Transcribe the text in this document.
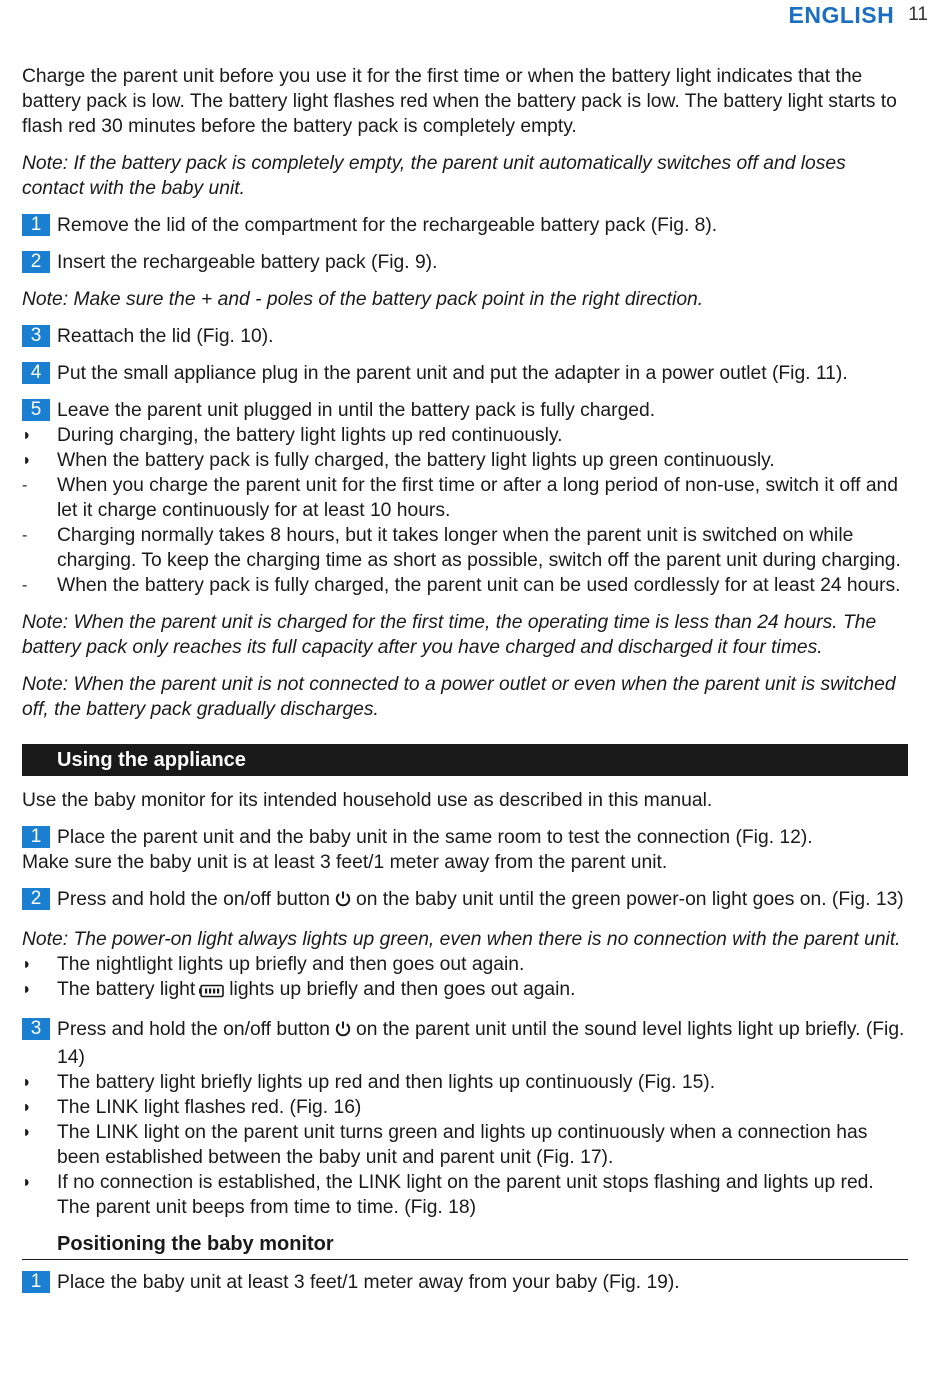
ENGLISH 11

Charge the parent unit before you use it for the first time or when the battery light indicates that the battery pack is low. The battery light flashes red when the battery pack is low. The battery light starts to flash red 30 minutes before the battery pack is completely empty.

Note: If the battery pack is completely empty, the parent unit automatically switches off and loses contact with the baby unit.

1 Remove the lid of the compartment for the rechargeable battery pack (Fig. 8).
2 Insert the rechargeable battery pack (Fig. 9).

Note: Make sure the + and - poles of the battery pack point in the right direction.

3 Reattach the lid (Fig. 10).
4 Put the small appliance plug in the parent unit and put the adapter in a power outlet (Fig. 11).
5 Leave the parent unit plugged in until the battery pack is fully charged.
◗	During charging, the battery light lights up red continuously.
◗	When the battery pack is fully charged, the battery light lights up green continuously.
-	When you charge the parent unit for the first time or after a long period of non-use, switch it off and let it charge continuously for at least 10 hours.
-	Charging normally takes 8 hours, but it takes longer when the parent unit is switched on while charging. To keep the charging time as short as possible, switch off the parent unit during charging.
-	When the battery pack is fully charged, the parent unit can be used cordlessly for at least 24 hours.

Note: When the parent unit is charged for the first time, the operating time is less than 24 hours. The battery pack only reaches its full capacity after you have charged and discharged it four times.

Note: When the parent unit is not connected to a power outlet or even when the parent unit is switched off, the battery pack gradually discharges.

Using the appliance

Use the baby monitor for its intended household use as described in this manual.

1 Place the parent unit and the baby unit in the same room to test the connection (Fig. 12).

Make sure the baby unit is at least 3 feet/1 meter away from the parent unit.

2 Press and hold the on/off button on the baby unit until the green power-on light goes on. (Fig. 13)

Note: The power-on light always lights up green, even when there is no connection with the parent unit.

◗	The nightlight lights up briefly and then goes out again.
◗	The battery light lights up briefly and then goes out again.
3 Press and hold the on/off button on the parent unit until the sound level lights light up briefly. (Fig. 14)
◗	The battery light briefly lights up red and then lights up continuously (Fig. 15).
◗	The LINK light flashes red. (Fig. 16)
◗	The LINK light on the parent unit turns green and lights up continuously when a connection has been established between the baby unit and parent unit (Fig. 17).
◗	If no connection is established, the LINK light on the parent unit stops flashing and lights up red. The parent unit beeps from time to time. (Fig. 18)
Positioning the baby monitor
1 Place the baby unit at least 3 feet/1 meter away from your baby (Fig. 19).
